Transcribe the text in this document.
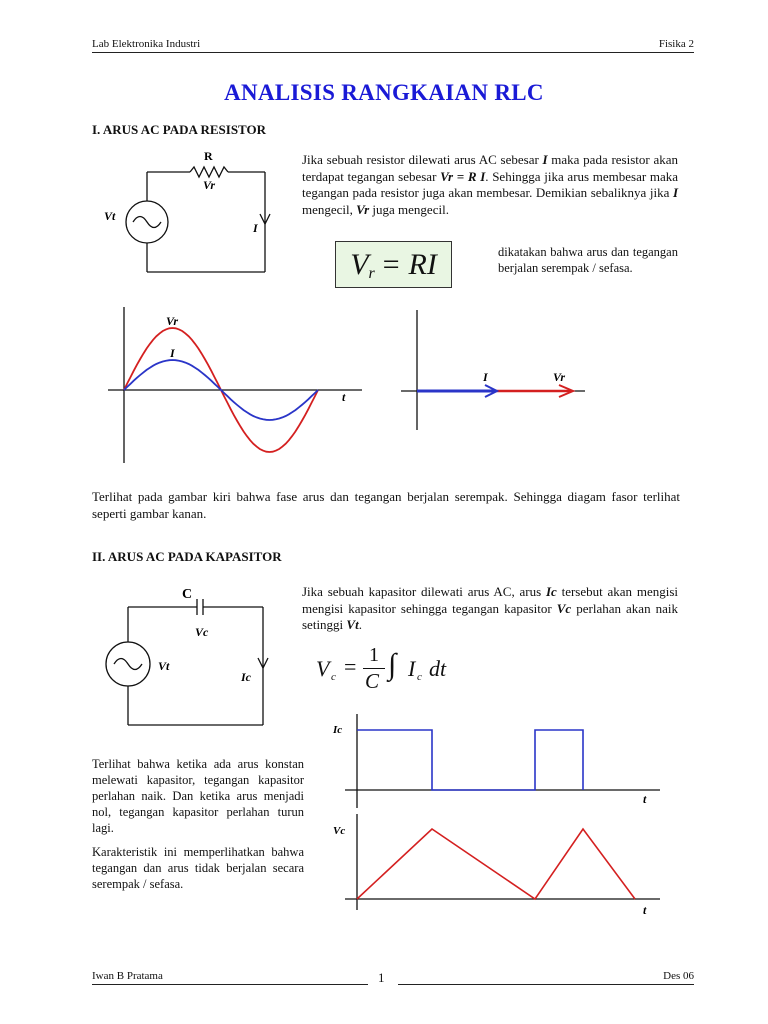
Lab Elektronika Industri	Fisika 2
ANALISIS RANGKAIAN RLC
I. ARUS AC PADA RESISTOR
R
Vr
Vt
I
Jika sebuah resistor dilewati arus AC sebesar I maka pada resistor akan terdapat tegangan sebesar Vr = R I. Sehingga jika arus membesar maka tegangan pada resistor juga akan membesar. Demikian sebaliknya jika I mengecil, Vr juga mengecil.
V r = RI	dikatakan bahwa arus dan tegangan berjalan serempak / sefasa.
Vr
I
t
I	Vr
Terlihat pada gambar kiri bahwa fase arus dan tegangan berjalan serempak. Sehingga diagam fasor terlihat seperti gambar kanan.
II. ARUS AC PADA KAPASITOR
C
Vc
Vt
Ic
Jika sebuah kapasitor dilewati arus AC, arus Ic tersebut akan mengisi mengisi kapasitor sehingga tegangan kapasitor Vc perlahan akan naik setinggi Vt.
V c = 1
C ∫ I c dt
Ic
t
Vc
t
Terlihat bahwa ketika ada arus konstan melewati kapasitor, tegangan kapasitor perlahan naik. Dan ketika arus menjadi nol, tegangan kapasitor perlahan turun lagi.
Karakteristik ini memperlihatkan bahwa tegangan dan arus tidak berjalan secara serempak / sefasa.
Iwan B Pratama	1	Des 06
